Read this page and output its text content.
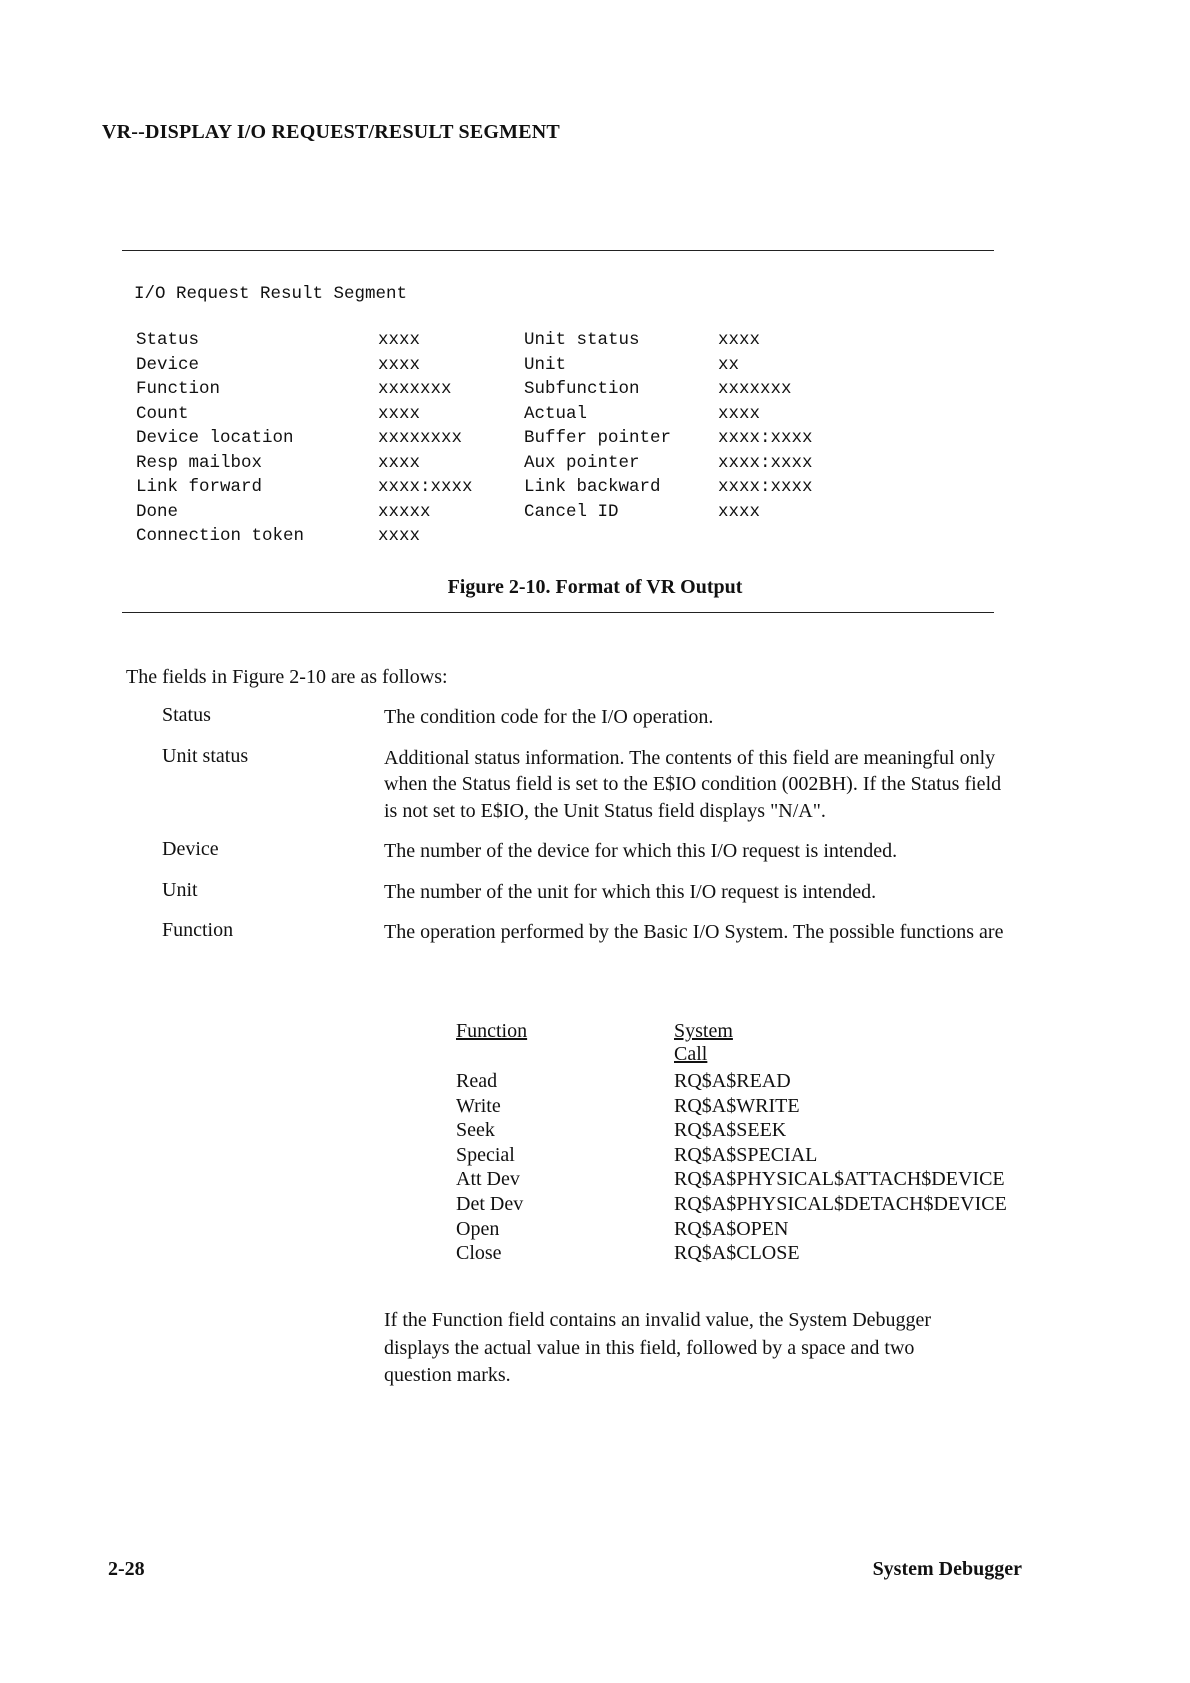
VR--DISPLAY I/O REQUEST/RESULT SEGMENT
I/O Request Result Segment
Status	xxxx	Unit status	xxxx
Device	xxxx	Unit	xx
Function	xxxxxxx	Subfunction	xxxxxxx
Count	xxxx	Actual	xxxx
Device location	xxxxxxxx	Buffer pointer	xxxx:xxxx
Resp mailbox	xxxx	Aux pointer	xxxx:xxxx
Link forward	xxxx:xxxx	Link backward	xxxx:xxxx
Done	xxxxx	Cancel ID	xxxx
Connection token	xxxx
Figure 2-10. Format of VR Output
The fields in Figure 2-10 are as follows:
Status	The condition code for the I/O operation.
Unit status	Additional status information. The contents of this field are meaningful only when the Status field is set to the E$IO condition (002BH). If the Status field is not set to E$IO, the Unit Status field displays "N/A".
Device	The number of the device for which this I/O request is intended.
Unit	The number of the unit for which this I/O request is intended.
Function	The operation performed by the Basic I/O System. The possible functions are
Function	System Call
Read	RQ$A$READ
Write	RQ$A$WRITE
Seek	RQ$A$SEEK
Special	RQ$A$SPECIAL
Att Dev	RQ$A$PHYSICAL$ATTACH$DEVICE
Det Dev	RQ$A$PHYSICAL$DETACH$DEVICE
Open	RQ$A$OPEN
Close	RQ$A$CLOSE
If the Function field contains an invalid value, the System Debugger displays the actual value in this field, followed by a space and two question marks.
2-28	System Debugger
